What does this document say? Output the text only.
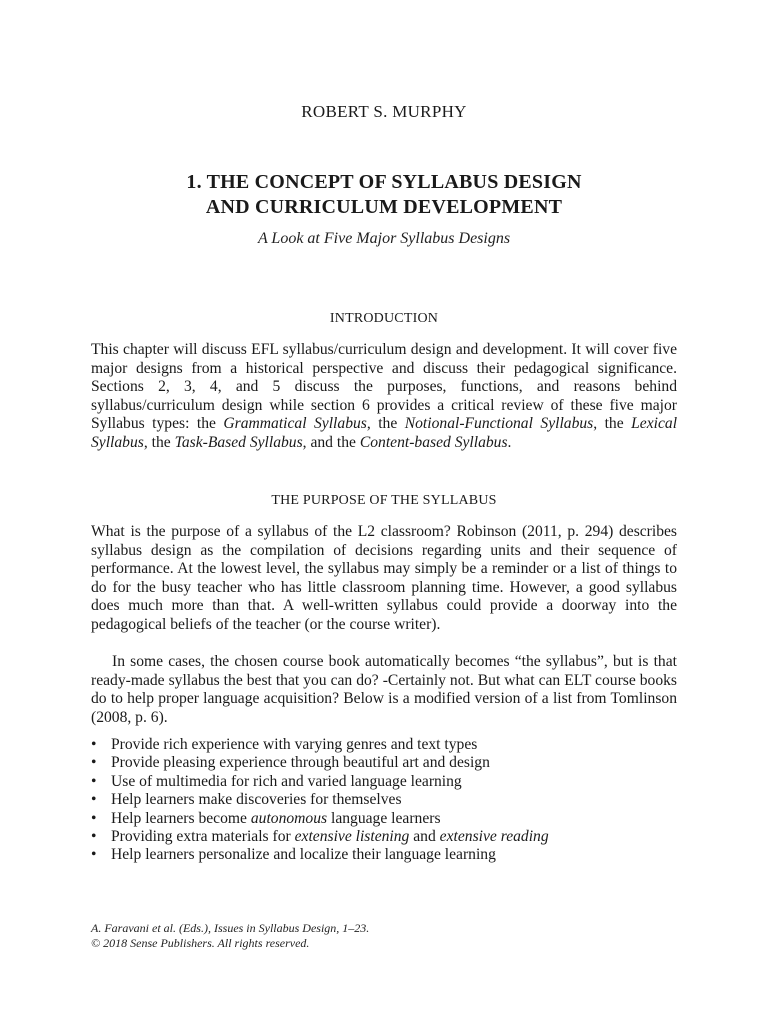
ROBERT S. MURPHY
1. THE CONCEPT OF SYLLABUS DESIGN
AND CURRICULUM DEVELOPMENT
A Look at Five Major Syllabus Designs
INTRODUCTION

This chapter will discuss EFL syllabus/curriculum design and development. It will cover five major designs from a historical perspective and discuss their pedagogical significance. Sections 2, 3, 4, and 5 discuss the purposes, functions, and reasons behind syllabus/curriculum design while section 6 provides a critical review of these five major Syllabus types: the Grammatical Syllabus, the Notional-Functional Syllabus, the Lexical Syllabus, the Task-Based Syllabus, and the Content-based Syllabus.

THE PURPOSE OF THE SYLLABUS

What is the purpose of a syllabus of the L2 classroom? Robinson (2011, p. 294) describes syllabus design as the compilation of decisions regarding units and their sequence of performance. At the lowest level, the syllabus may simply be a reminder or a list of things to do for the busy teacher who has little classroom planning time. However, a good syllabus does much more than that. A well-written syllabus could provide a doorway into the pedagogical beliefs of the teacher (or the course writer).

In some cases, the chosen course book automatically becomes “the syllabus”, but is that ready-made syllabus the best that you can do? -Certainly not. But what can ELT course books do to help proper language acquisition? Below is a modified version of a list from Tomlinson (2008, p. 6).

• Provide rich experience with varying genres and text types
• Provide pleasing experience through beautiful art and design
• Use of multimedia for rich and varied language learning
• Help learners make discoveries for themselves
• Help learners become autonomous language learners
• Providing extra materials for extensive listening and extensive reading
• Help learners personalize and localize their language learning
A. Faravani et al. (Eds.), Issues in Syllabus Design, 1–23.
© 2018 Sense Publishers. All rights reserved.
